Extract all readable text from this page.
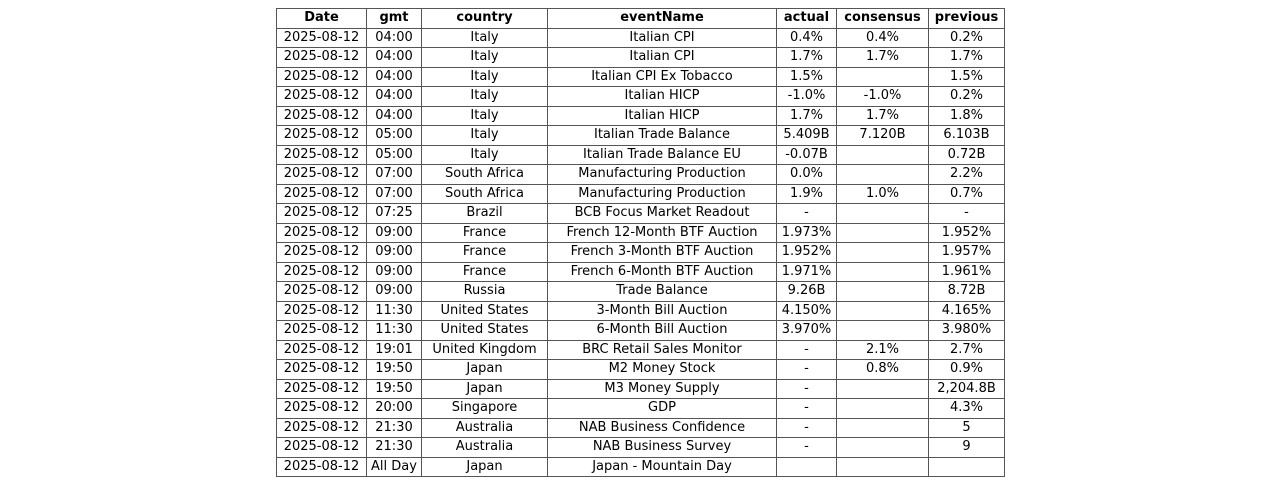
Date	gmt	country	eventName	actual	consensus	previous
2025-08-12	04:00	Italy	Italian CPI	0.4%	0.4%	0.2%
2025-08-12	04:00	Italy	Italian CPI	1.7%	1.7%	1.7%
2025-08-12	04:00	Italy	Italian CPI Ex Tobacco	1.5%		1.5%
2025-08-12	04:00	Italy	Italian HICP	-1.0%	-1.0%	0.2%
2025-08-12	04:00	Italy	Italian HICP	1.7%	1.7%	1.8%
2025-08-12	05:00	Italy	Italian Trade Balance	5.409B	7.120B	6.103B
2025-08-12	05:00	Italy	Italian Trade Balance EU	-0.07B		0.72B
2025-08-12	07:00	South Africa	Manufacturing Production	0.0%		2.2%
2025-08-12	07:00	South Africa	Manufacturing Production	1.9%	1.0%	0.7%
2025-08-12	07:25	Brazil	BCB Focus Market Readout	-		-
2025-08-12	09:00	France	French 12-Month BTF Auction	1.973%		1.952%
2025-08-12	09:00	France	French 3-Month BTF Auction	1.952%		1.957%
2025-08-12	09:00	France	French 6-Month BTF Auction	1.971%		1.961%
2025-08-12	09:00	Russia	Trade Balance	9.26B		8.72B
2025-08-12	11:30	United States	3-Month Bill Auction	4.150%		4.165%
2025-08-12	11:30	United States	6-Month Bill Auction	3.970%		3.980%
2025-08-12	19:01	United Kingdom	BRC Retail Sales Monitor	-	2.1%	2.7%
2025-08-12	19:50	Japan	M2 Money Stock	-	0.8%	0.9%
2025-08-12	19:50	Japan	M3 Money Supply	-		2,204.8B
2025-08-12	20:00	Singapore	GDP	-		4.3%
2025-08-12	21:30	Australia	NAB Business Confidence	-		5
2025-08-12	21:30	Australia	NAB Business Survey	-		9
2025-08-12	All Day	Japan	Japan - Mountain Day			
